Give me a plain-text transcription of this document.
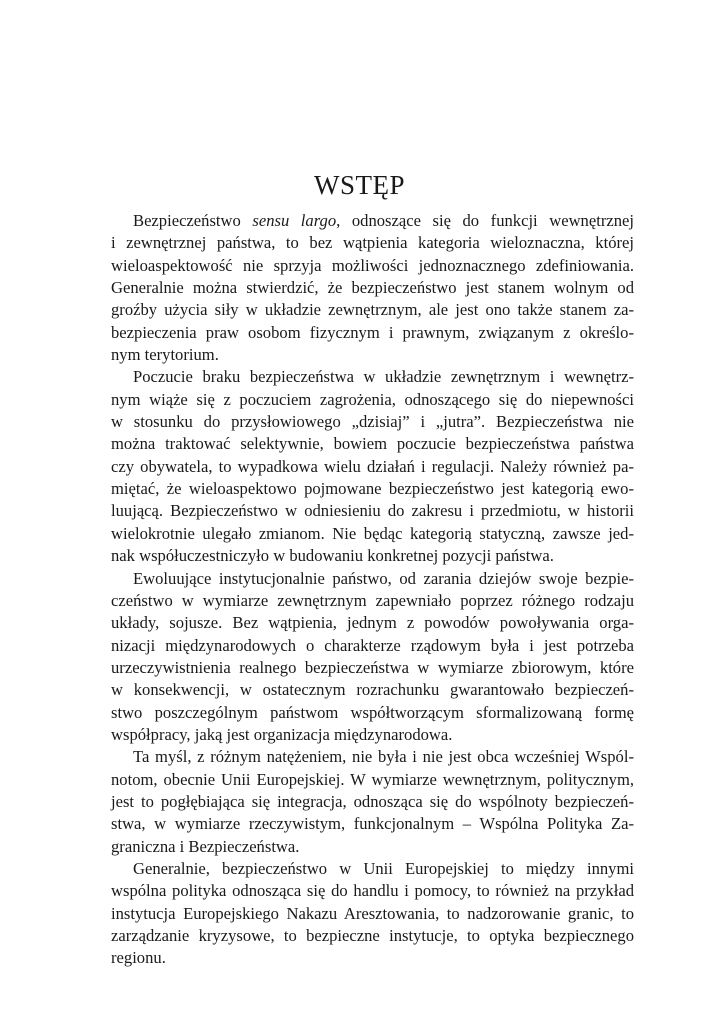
WSTĘP
Bezpieczeństwo sensu largo, odnoszące się do funkcji wewnętrznej
i zewnętrznej państwa, to bez wątpienia kategoria wieloznaczna, której
wieloaspektowość nie sprzyja możliwości jednoznacznego zdefiniowania.
Generalnie można stwierdzić, że bezpieczeństwo jest stanem wolnym od
groźby użycia siły w układzie zewnętrznym, ale jest ono także stanem za-
bezpieczenia praw osobom fizycznym i prawnym, związanym z określo-
nym terytorium.
Poczucie braku bezpieczeństwa w układzie zewnętrznym i wewnętrz-
nym wiąże się z poczuciem zagrożenia, odnoszącego się do niepewności
w stosunku do przysłowiowego „dzisiaj” i „jutra”. Bezpieczeństwa nie
można traktować selektywnie, bowiem poczucie bezpieczeństwa państwa
czy obywatela, to wypadkowa wielu działań i regulacji. Należy również pa-
miętać, że wieloaspektowo pojmowane bezpieczeństwo jest kategorią ewo-
luującą. Bezpieczeństwo w odniesieniu do zakresu i przedmiotu, w historii
wielokrotnie ulegało zmianom. Nie będąc kategorią statyczną, zawsze jed-
nak współuczestniczyło w budowaniu konkretnej pozycji państwa.
Ewoluujące instytucjonalnie państwo, od zarania dziejów swoje bezpie-
czeństwo w wymiarze zewnętrznym zapewniało poprzez różnego rodzaju
układy, sojusze. Bez wątpienia, jednym z powodów powoływania orga-
nizacji międzynarodowych o charakterze rządowym była i jest potrzeba
urzeczywistnienia realnego bezpieczeństwa w wymiarze zbiorowym, które
w konsekwencji, w ostatecznym rozrachunku gwarantowało bezpieczeń-
stwo poszczególnym państwom współtworzącym sformalizowaną formę
współpracy, jaką jest organizacja międzynarodowa.
Ta myśl, z różnym natężeniem, nie była i nie jest obca wcześniej Wspól-
notom, obecnie Unii Europejskiej. W wymiarze wewnętrznym, politycznym,
jest to pogłębiająca się integracja, odnosząca się do wspólnoty bezpieczeń-
stwa, w wymiarze rzeczywistym, funkcjonalnym – Wspólna Polityka Za-
graniczna i Bezpieczeństwa.
Generalnie, bezpieczeństwo w Unii Europejskiej to między innymi
wspólna polityka odnosząca się do handlu i pomocy, to również na przykład
instytucja Europejskiego Nakazu Aresztowania, to nadzorowanie granic, to
zarządzanie kryzysowe, to bezpieczne instytucje, to optyka bezpiecznego
regionu.
